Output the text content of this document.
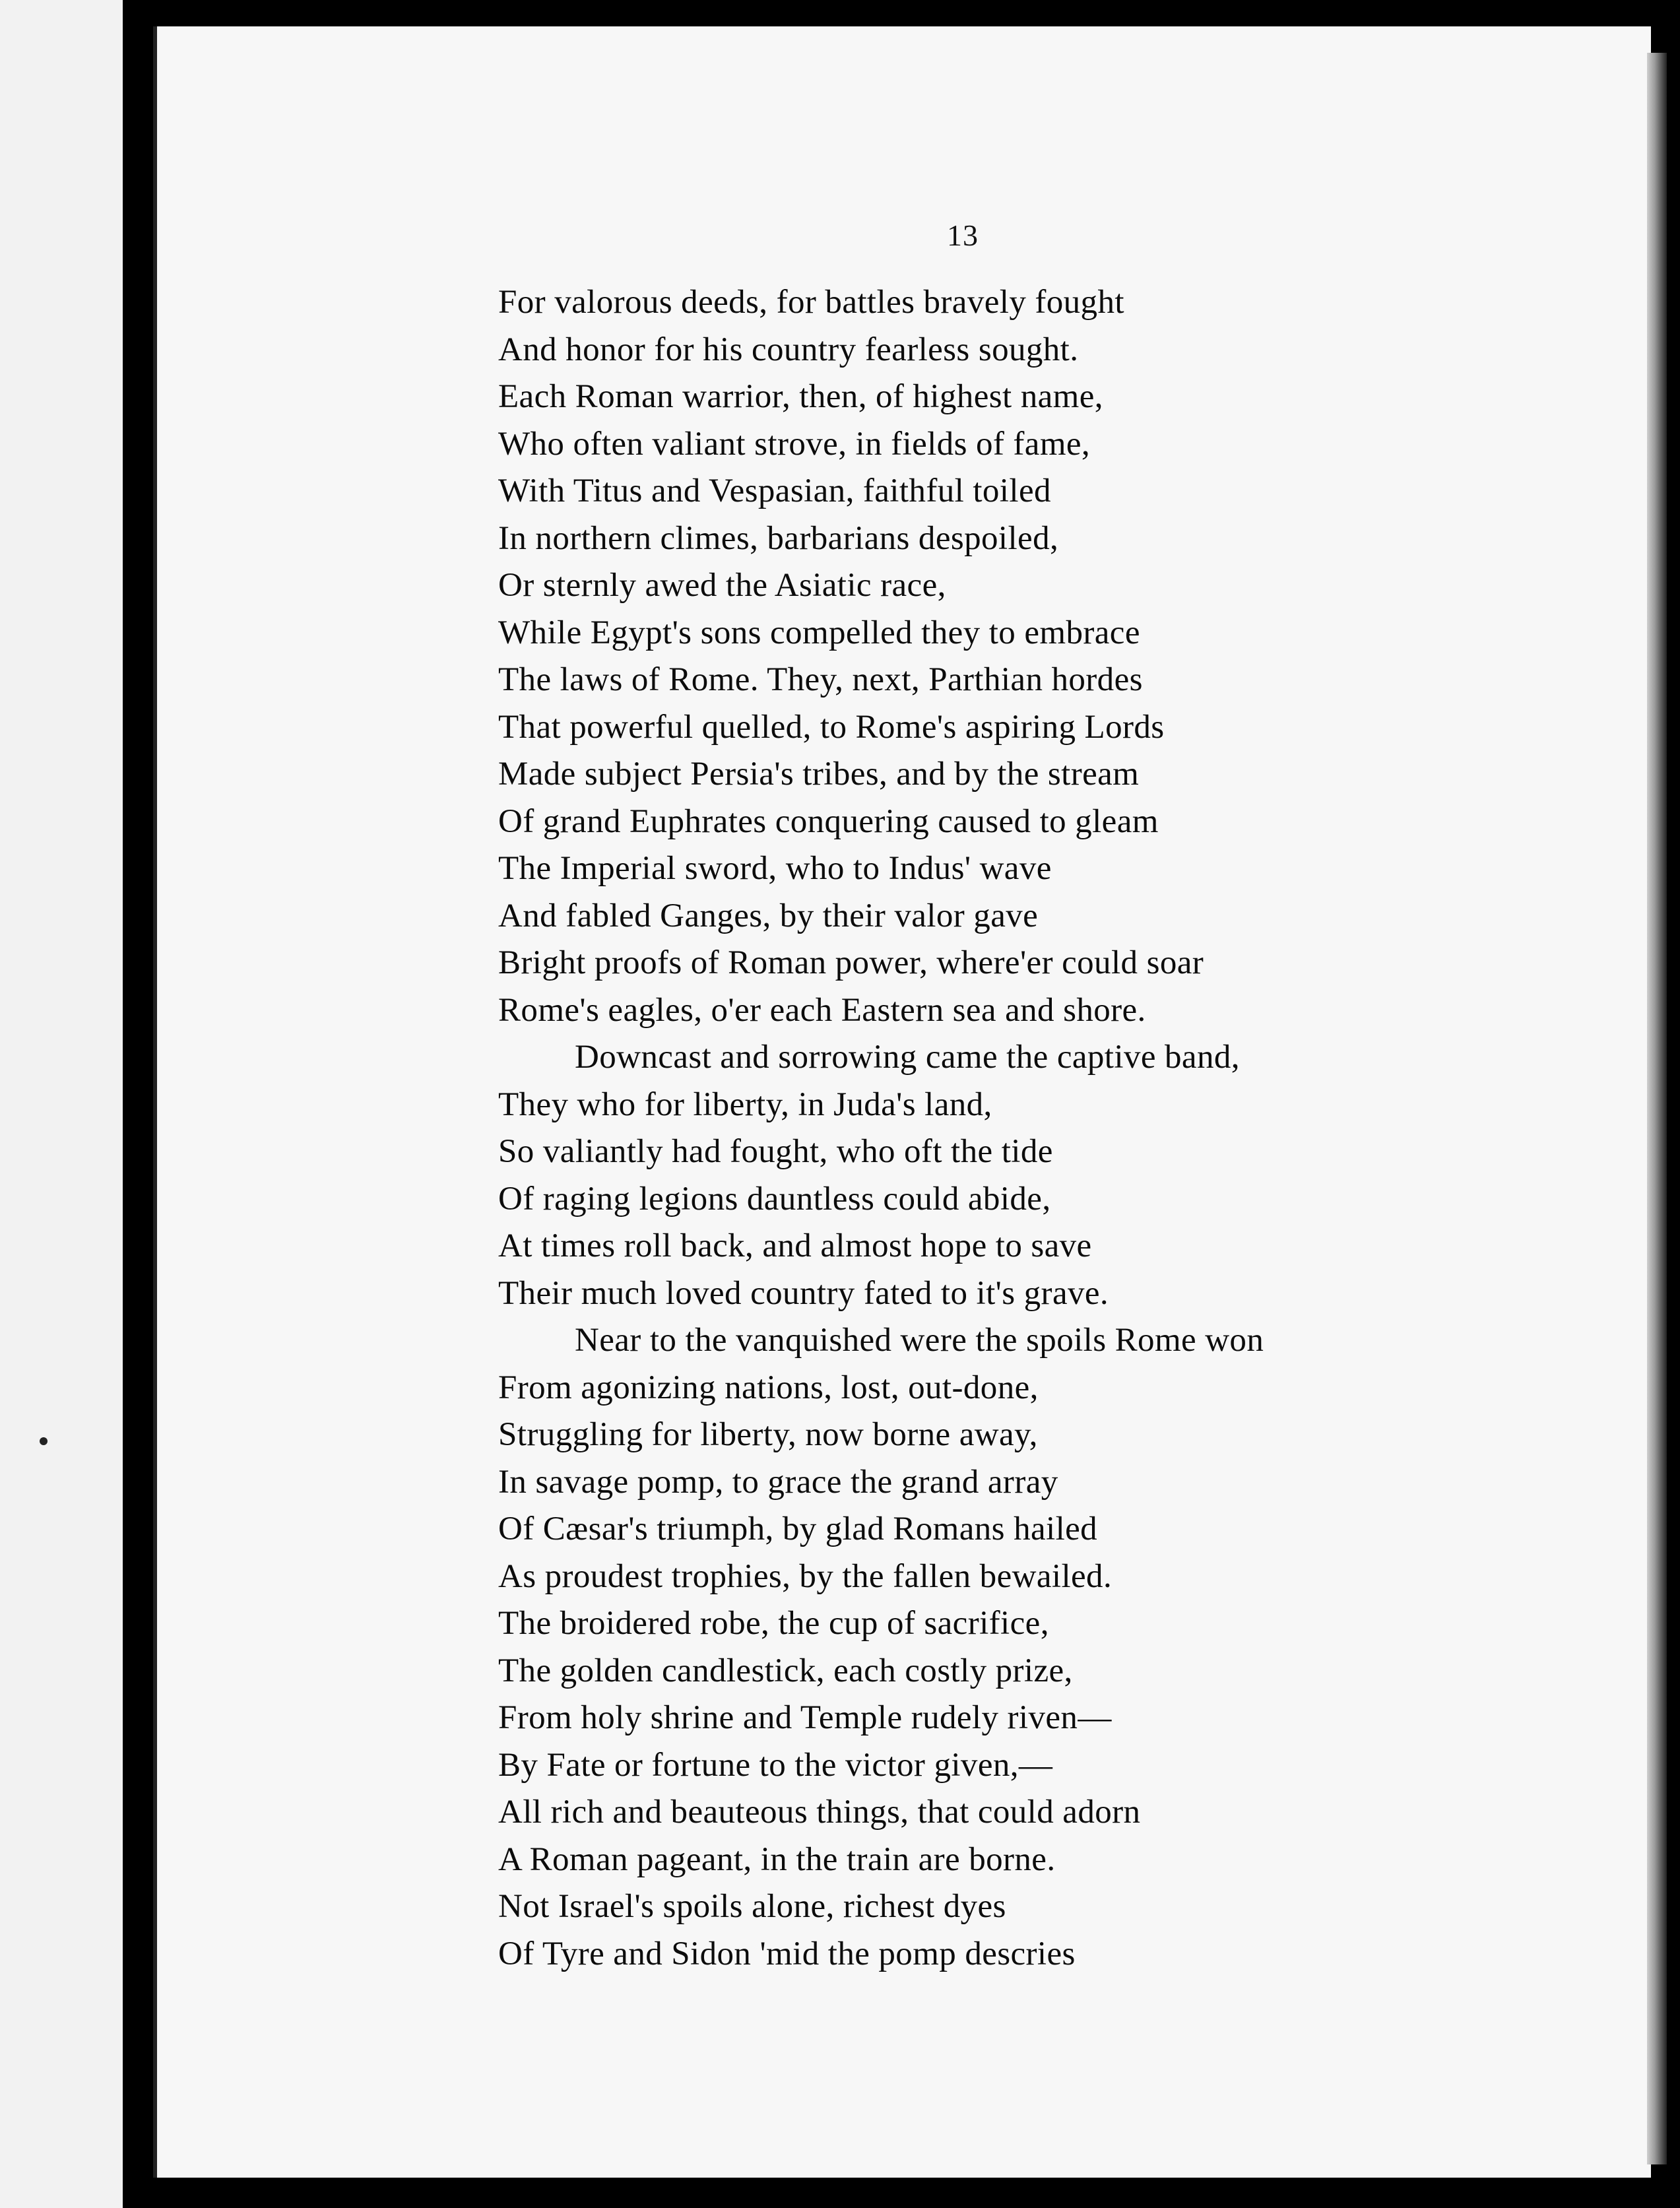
13
For valorous deeds, for battles bravely fought
And honor for his country fearless sought.
Each Roman warrior, then, of highest name,
Who often valiant strove, in fields of fame,
With Titus and Vespasian, faithful toiled
In northern climes, barbarians despoiled,
Or sternly awed the Asiatic race,
While Egypt's sons compelled they to embrace
The laws of Rome. They, next, Parthian hordes
That powerful quelled, to Rome's aspiring Lords
Made subject Persia's tribes, and by the stream
Of grand Euphrates conquering caused to gleam
The Imperial sword, who to Indus' wave
And fabled Ganges, by their valor gave
Bright proofs of Roman power, where'er could soar
Rome's eagles, o'er each Eastern sea and shore.
Downcast and sorrowing came the captive band,
They who for liberty, in Juda's land,
So valiantly had fought, who oft the tide
Of raging legions dauntless could abide,
At times roll back, and almost hope to save
Their much loved country fated to it's grave.
Near to the vanquished were the spoils Rome won
From agonizing nations, lost, out-done,
Struggling for liberty, now borne away,
In savage pomp, to grace the grand array
Of Cæsar's triumph, by glad Romans hailed
As proudest trophies, by the fallen bewailed.
The broidered robe, the cup of sacrifice,
The golden candlestick, each costly prize,
From holy shrine and Temple rudely riven—
By Fate or fortune to the victor given,—
All rich and beauteous things, that could adorn
A Roman pageant, in the train are borne.
Not Israel's spoils alone, richest dyes
Of Tyre and Sidon 'mid the pomp descries
